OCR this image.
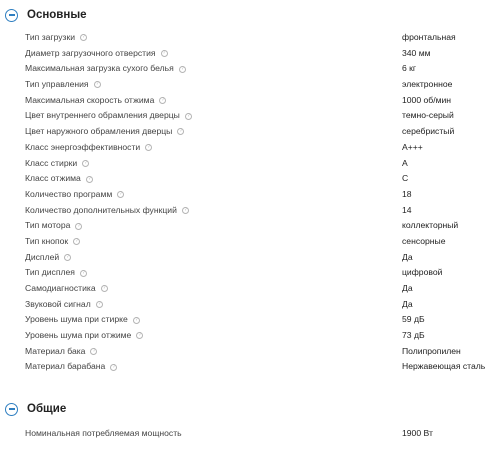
Основные
Тип загрузки	?	фронтальная
Диаметр загрузочного отверстия	?	340 мм
Максимальная загрузка сухого белья	?	6 кг
Тип управления	?	электронное
Максимальная скорость отжима	?	1000 об/мин
Цвет внутреннего обрамления дверцы	?	темно-серый
Цвет наружного обрамления дверцы	?	серебристый
Класс энергоэффективности	?	A+++
Класс стирки	?	A
Класс отжима	?	C
Количество программ	?	18
Количество дополнительных функций	?	14
Тип мотора	?	коллекторный
Тип кнопок	?	сенсорные
Дисплей	?	Да
Тип дисплея	?	цифровой
Самодиагностика	?	Да
Звуковой сигнал	?	Да
Уровень шума при стирке	?	59 дБ
Уровень шума при отжиме	?	73 дБ
Материал бака	?	Полипропилен
Материал барабана	?	Нержавеющая сталь
Общие
Номинальная потребляемая мощность	1900 Вт
